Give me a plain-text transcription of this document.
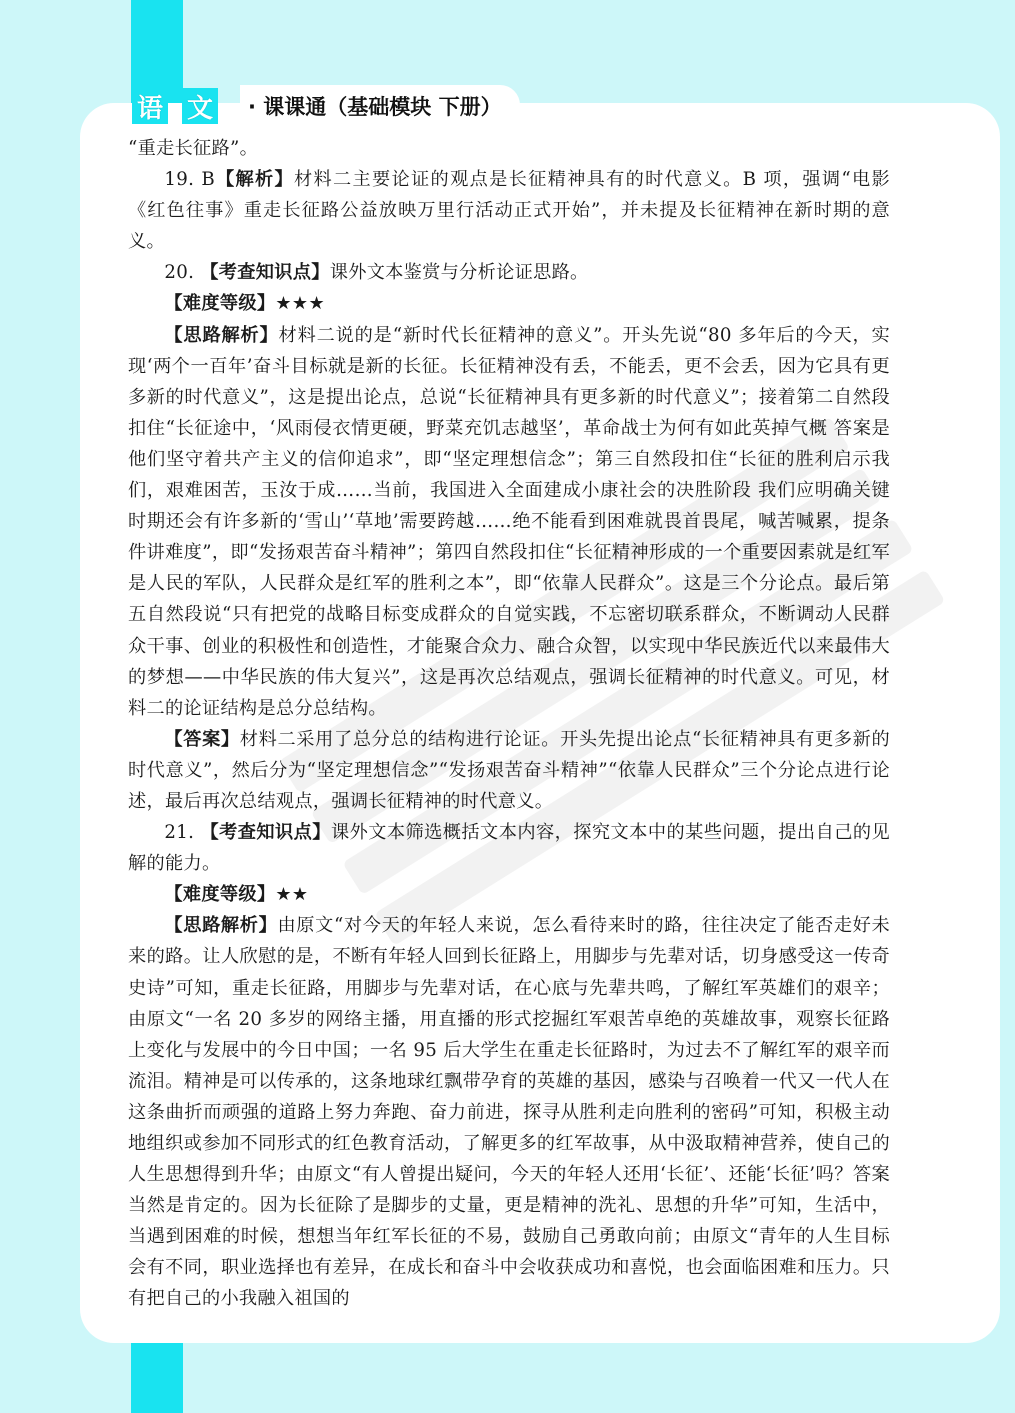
语 文	· 课课通（基础模块 下册）

“重走长征路”。

19. B【解析】材料二主要论证的观点是长征精神具有的时代意义。B 项，强调“电影《红色往事》重走长征路公益放映万里行活动正式开始”，并未提及长征精神在新时期的意义。

20. 【考查知识点】课外文本鉴赏与分析论证思路。

【难度等级】★★★

【思路解析】材料二说的是“新时代长征精神的意义”。开头先说“80 多年后的今天，实现‘两个一百年’奋斗目标就是新的长征。长征精神没有丢，不能丢，更不会丢，因为它具有更多新的时代意义”，这是提出论点，总说“长征精神具有更多新的时代意义”；接着第二自然段扣住“长征途中，‘风雨侵衣情更硬，野菜充饥志越坚’，革命战士为何有如此英掉气概 答案是他们坚守着共产主义的信仰追求”，即“坚定理想信念”；第三自然段扣住“长征的胜利启示我们，艰难困苦，玉汝于成……当前，我国进入全面建成小康社会的决胜阶段 我们应明确关键时期还会有许多新的‘雪山’‘草地’需要跨越……绝不能看到困难就畏首畏尾，喊苦喊累，提条件讲难度”，即“发扬艰苦奋斗精神”；第四自然段扣住“长征精神形成的一个重要因素就是红军是人民的军队，人民群众是红军的胜利之本”，即“依靠人民群众”。这是三个分论点。最后第五自然段说“只有把党的战略目标变成群众的自觉实践，不忘密切联系群众，不断调动人民群众干事、创业的积极性和创造性，才能聚合众力、融合众智，以实现中华民族近代以来最伟大的梦想——中华民族的伟大复兴”，这是再次总结观点，强调长征精神的时代意义。可见，材料二的论证结构是总分总结构。

【答案】材料二采用了总分总的结构进行论证。开头先提出论点“长征精神具有更多新的时代意义”，然后分为“坚定理想信念”“发扬艰苦奋斗精神”“依靠人民群众”三个分论点进行论述，最后再次总结观点，强调长征精神的时代意义。

21. 【考查知识点】课外文本筛选概括文本内容，探究文本中的某些问题，提出自己的见解的能力。

【难度等级】★★

【思路解析】由原文“对今天的年轻人来说，怎么看待来时的路，往往决定了能否走好未来的路。让人欣慰的是，不断有年轻人回到长征路上，用脚步与先辈对话，切身感受这一传奇史诗”可知，重走长征路，用脚步与先辈对话，在心底与先辈共鸣，了解红军英雄们的艰辛；由原文“一名 20 多岁的网络主播，用直播的形式挖掘红军艰苦卓绝的英雄故事，观察长征路上变化与发展中的今日中国；一名 95 后大学生在重走长征路时，为过去不了解红军的艰辛而流泪。精神是可以传承的，这条地球红飘带孕育的英雄的基因，感染与召唤着一代又一代人在这条曲折而顽强的道路上努力奔跑、奋力前进，探寻从胜利走向胜利的密码”可知，积极主动地组织或参加不同形式的红色教育活动，了解更多的红军故事，从中汲取精神营养，使自己的人生思想得到升华；由原文“有人曾提出疑问，今天的年轻人还用‘长征’、还能‘长征’吗？答案当然是肯定的。因为长征除了是脚步的丈量，更是精神的洗礼、思想的升华”可知，生活中，当遇到困难的时候，想想当年红军长征的不易，鼓励自己勇敢向前；由原文“青年的人生目标会有不同，职业选择也有差异，在成长和奋斗中会收获成功和喜悦，也会面临困难和压力。只有把自己的小我融入祖国的

006
